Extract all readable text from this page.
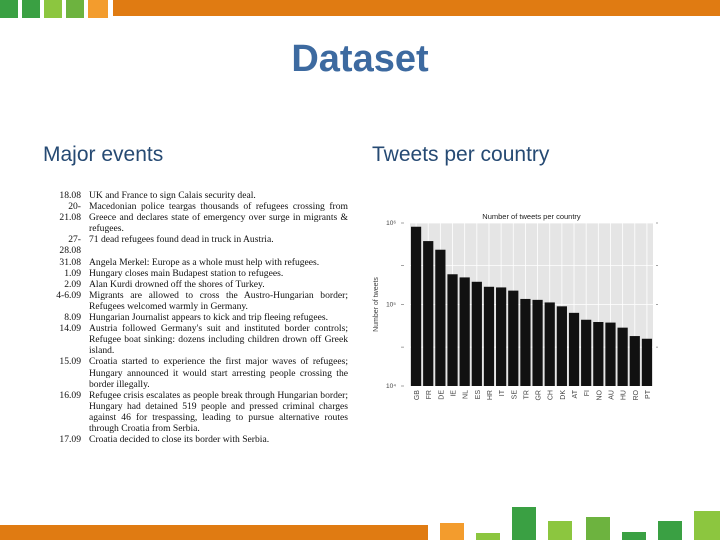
Dataset
Major events	Tweets per country
18.08 UK and France to sign Calais security deal.
20-21.08
Macedonian police teargas thousands of refugees crossing from Greece and declares state of emergency over surge in migrants & refugees.
27-28.08
71 dead refugees found dead in truck in Austria.
31.08 Angela Merkel: Europe as a whole must help with refugees.
1.09 Hungary closes main Budapest station to refugees.
2.09 Alan Kurdi drowned off the shores of Turkey.
4-6.09 Migrants are allowed to cross the Austro-Hungarian border; Refugees welcomed warmly in Germany.
8.09 Hungarian Journalist appears to kick and trip fleeing refugees.
14.09 Austria followed Germany's suit and instituted border controls; Refugee boat sinking: dozens including children drown off Greek island.
15.09 Croatia started to experience the first major waves of refugees; Hungary announced it would start arresting people crossing the border illegally.
16.09 Refugee crisis escalates as people break through Hungarian border; Hungary had detained 519 people and pressed criminal charges against 46 for trespassing, leading to pursue alternative routes through Croatia from Serbia.
17.09 Croatia decided to close its border with Serbia.
GB FR DE IE NL ES HR IT SE TR GR CH DK AT FI NO AU HU RO PT
10⁶
10⁵
10⁴
Number of tweets per country
Number of tweets
